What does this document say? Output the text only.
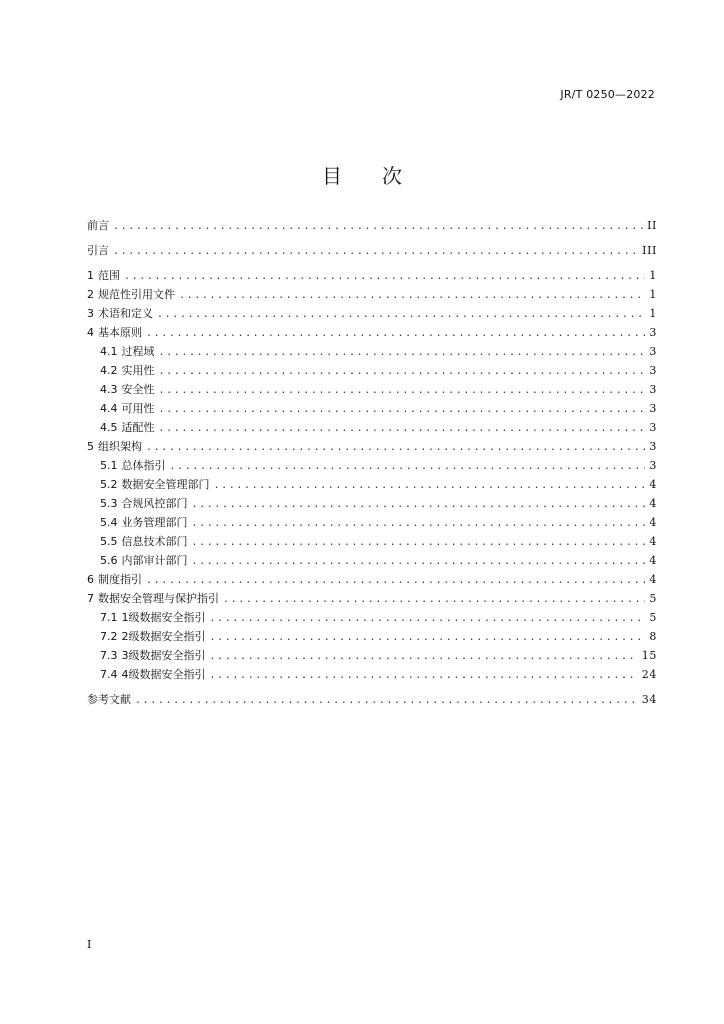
JR/T 0250—2022
目 次
前言 .....	II
引言 .....	III
1 范围 .....	1
2 规范性引用文件 .....	1
3 术语和定义 .....	1
4 基本原则 .....	3
4.1 过程域 .....	3
4.2 实用性 .....	3
4.3 安全性 .....	3
4.4 可用性 .....	3
4.5 适配性 .....	3
5 组织架构 .....	3
5.1 总体指引 .....	3
5.2 数据安全管理部门 .....	4
5.3 合规风控部门 .....	4
5.4 业务管理部门 .....	4
5.5 信息技术部门 .....	4
5.6 内部审计部门 .....	4
6 制度指引 .....	4
7 数据安全管理与保护指引 .....	5
7.1 1级数据安全指引 .....	5
7.2 2级数据安全指引 .....	8
7.3 3级数据安全指引 .....	15
7.4 4级数据安全指引 .....	24
参考文献 .....	34
I
